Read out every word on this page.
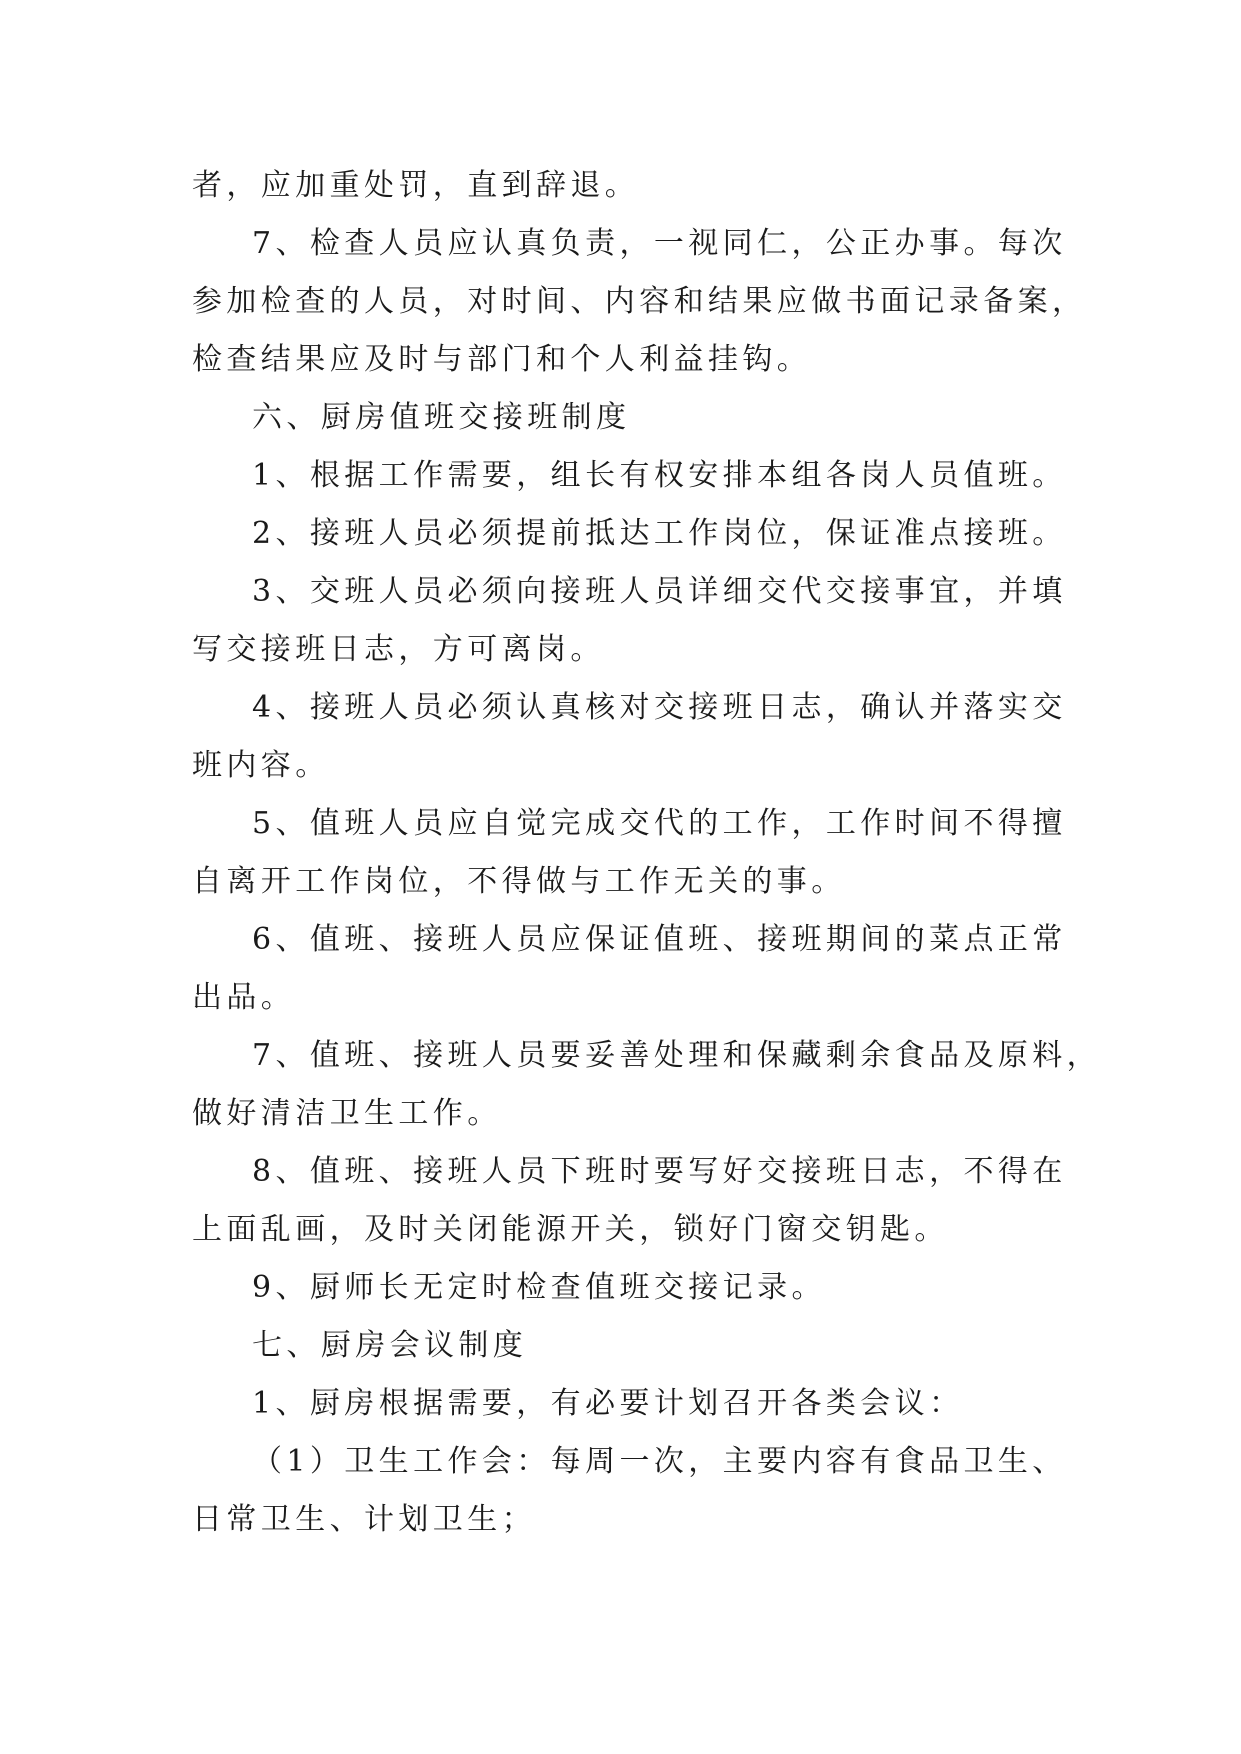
者，应加重处罚，直到辞退。
7、检查人员应认真负责，一视同仁，公正办事。每次
参加检查的人员，对时间、内容和结果应做书面记录备案，
检查结果应及时与部门和个人利益挂钩。
六、厨房值班交接班制度
1、根据工作需要，组长有权安排本组各岗人员值班。
2、接班人员必须提前抵达工作岗位，保证准点接班。
3、交班人员必须向接班人员详细交代交接事宜，并填
写交接班日志，方可离岗。
4、接班人员必须认真核对交接班日志，确认并落实交
班内容。
5、值班人员应自觉完成交代的工作，工作时间不得擅
自离开工作岗位，不得做与工作无关的事。
6、值班、接班人员应保证值班、接班期间的菜点正常
出品。
7、值班、接班人员要妥善处理和保藏剩余食品及原料，
做好清洁卫生工作。
8、值班、接班人员下班时要写好交接班日志，不得在
上面乱画，及时关闭能源开关，锁好门窗交钥匙。
9、厨师长无定时检查值班交接记录。
七、厨房会议制度
1、厨房根据需要，有必要计划召开各类会议：
（1）卫生工作会：每周一次，主要内容有食品卫生、
日常卫生、计划卫生；
